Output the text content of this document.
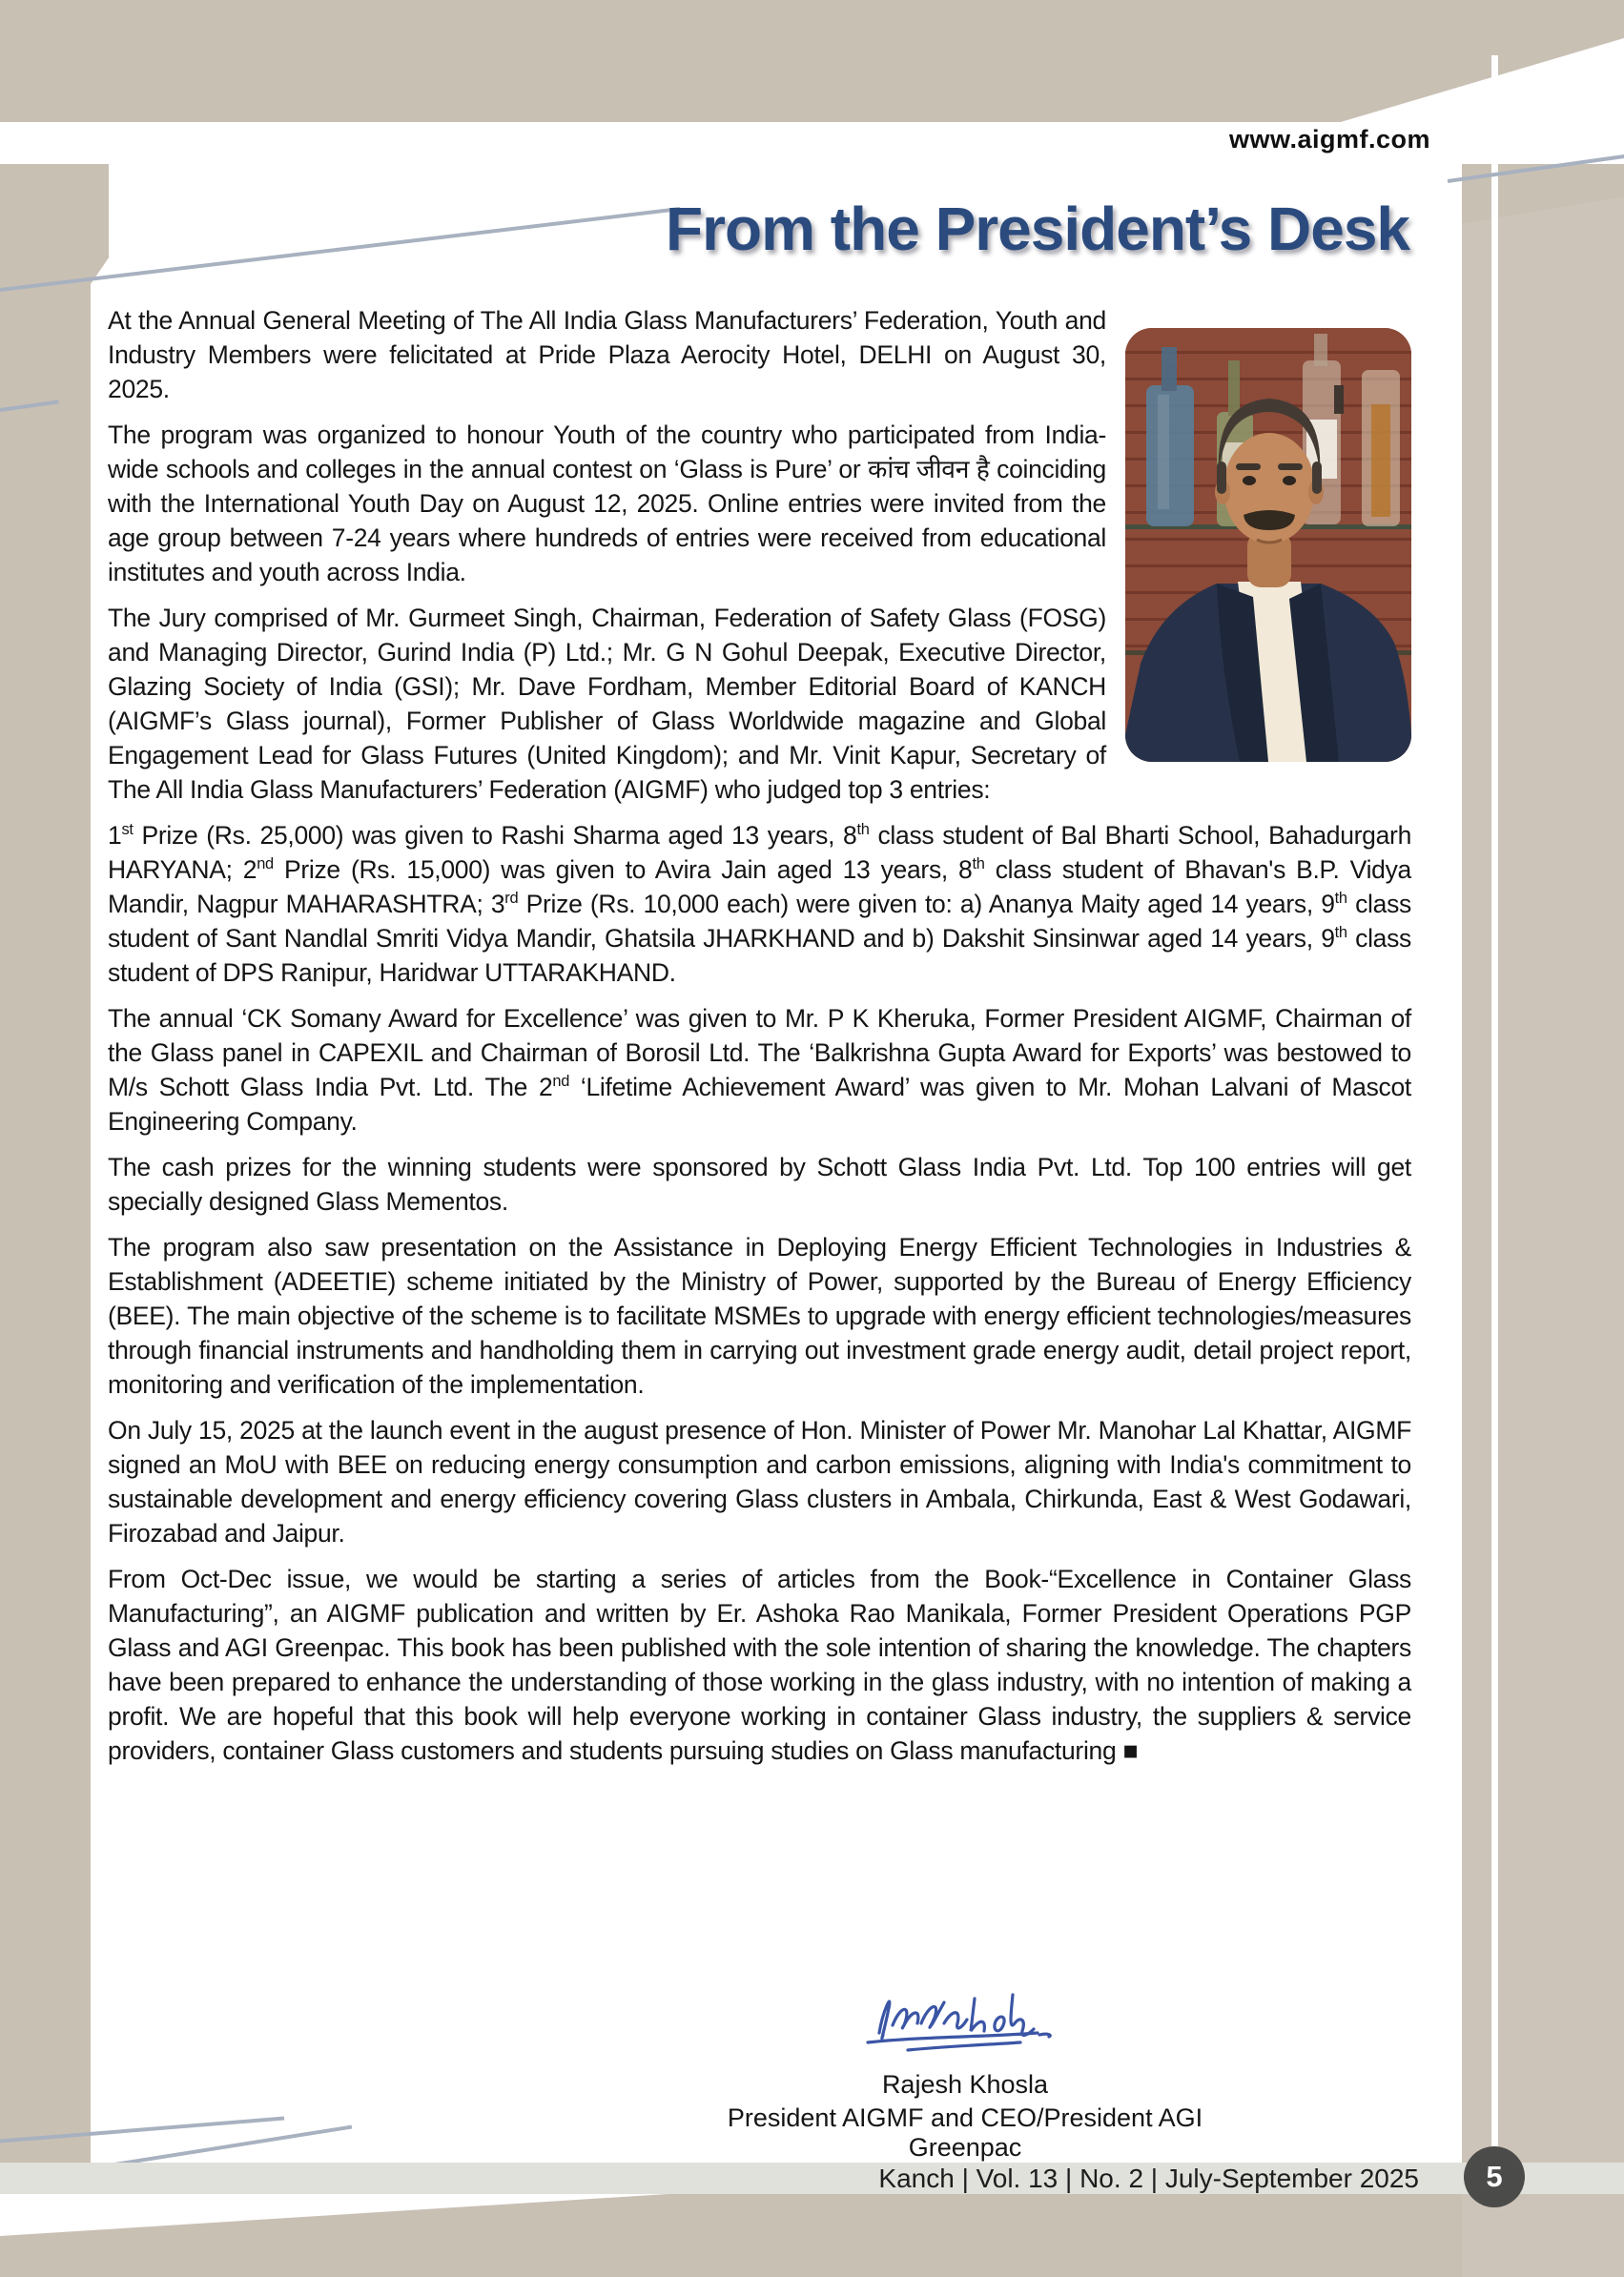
www.aigmf.com
From the President’s Desk

At the Annual General Meeting of The All India Glass Manufacturers’ Federation, Youth and Industry Members were felicitated at Pride Plaza Aerocity Hotel, DELHI on August 30, 2025.

The program was organized to honour Youth of the country who participated from India-wide schools and colleges in the annual contest on ‘Glass is Pure’ or कांच जीवन है coinciding with the International Youth Day on August 12, 2025. Online entries were invited from the age group between 7-24 years where hundreds of entries were received from educational institutes and youth across India.

The Jury comprised of Mr. Gurmeet Singh, Chairman, Federation of Safety Glass (FOSG) and Managing Director, Gurind India (P) Ltd.; Mr. G N Gohul Deepak, Executive Director, Glazing Society of India (GSI); Mr. Dave Fordham, Member Editorial Board of KANCH (AIGMF’s Glass journal), Former Publisher of Glass Worldwide magazine and Global Engagement Lead for Glass Futures (United Kingdom); and Mr. Vinit Kapur, Secretary of The All India Glass Manufacturers’ Federation (AIGMF) who judged top 3 entries:

1st Prize (Rs. 25,000) was given to Rashi Sharma aged 13 years, 8th class student of Bal Bharti School, Bahadurgarh HARYANA; 2nd Prize (Rs. 15,000) was given to Avira Jain aged 13 years, 8th class student of Bhavan's B.P. Vidya Mandir, Nagpur MAHARASHTRA; 3rd Prize (Rs. 10,000 each) were given to: a) Ananya Maity aged 14 years, 9th class student of Sant Nandlal Smriti Vidya Mandir, Ghatsila JHARKHAND and b) Dakshit Sinsinwar aged 14 years, 9th class student of DPS Ranipur, Haridwar UTTARAKHAND.

The annual ‘CK Somany Award for Excellence’ was given to Mr. P K Kheruka, Former President AIGMF, Chairman of the Glass panel in CAPEXIL and Chairman of Borosil Ltd. The ‘Balkrishna Gupta Award for Exports’ was bestowed to M/s Schott Glass India Pvt. Ltd. The 2nd ‘Lifetime Achievement Award’ was given to Mr. Mohan Lalvani of Mascot Engineering Company.

The cash prizes for the winning students were sponsored by Schott Glass India Pvt. Ltd. Top 100 entries will get specially designed Glass Mementos.

The program also saw presentation on the Assistance in Deploying Energy Efficient Technologies in Industries & Establishment (ADEETIE) scheme initiated by the Ministry of Power, supported by the Bureau of Energy Efficiency (BEE). The main objective of the scheme is to facilitate MSMEs to upgrade with energy efficient technologies/measures through financial instruments and handholding them in carrying out investment grade energy audit, detail project report, monitoring and verification of the implementation.

On July 15, 2025 at the launch event in the august presence of Hon. Minister of Power Mr. Manohar Lal Khattar, AIGMF signed an MoU with BEE on reducing energy consumption and carbon emissions, aligning with India's commitment to sustainable development and energy efficiency covering Glass clusters in Ambala, Chirkunda, East & West Godawari, Firozabad and Jaipur.

From Oct-Dec issue, we would be starting a series of articles from the Book-“Excellence in Container Glass Manufacturing”, an AIGMF publication and written by Er. Ashoka Rao Manikala, Former President Operations PGP Glass and AGI Greenpac. This book has been published with the sole intention of sharing the knowledge. The chapters have been prepared to enhance the understanding of those working in the glass industry, with no intention of making a profit. We are hopeful that this book will help everyone working in container Glass industry, the suppliers & service providers, container Glass customers and students pursuing studies on Glass manufacturing ■

Rajesh Khosla
President AIGMF and CEO/President AGI Greenpac
Kanch | Vol. 13 | No. 2 | July-September 2025 5
